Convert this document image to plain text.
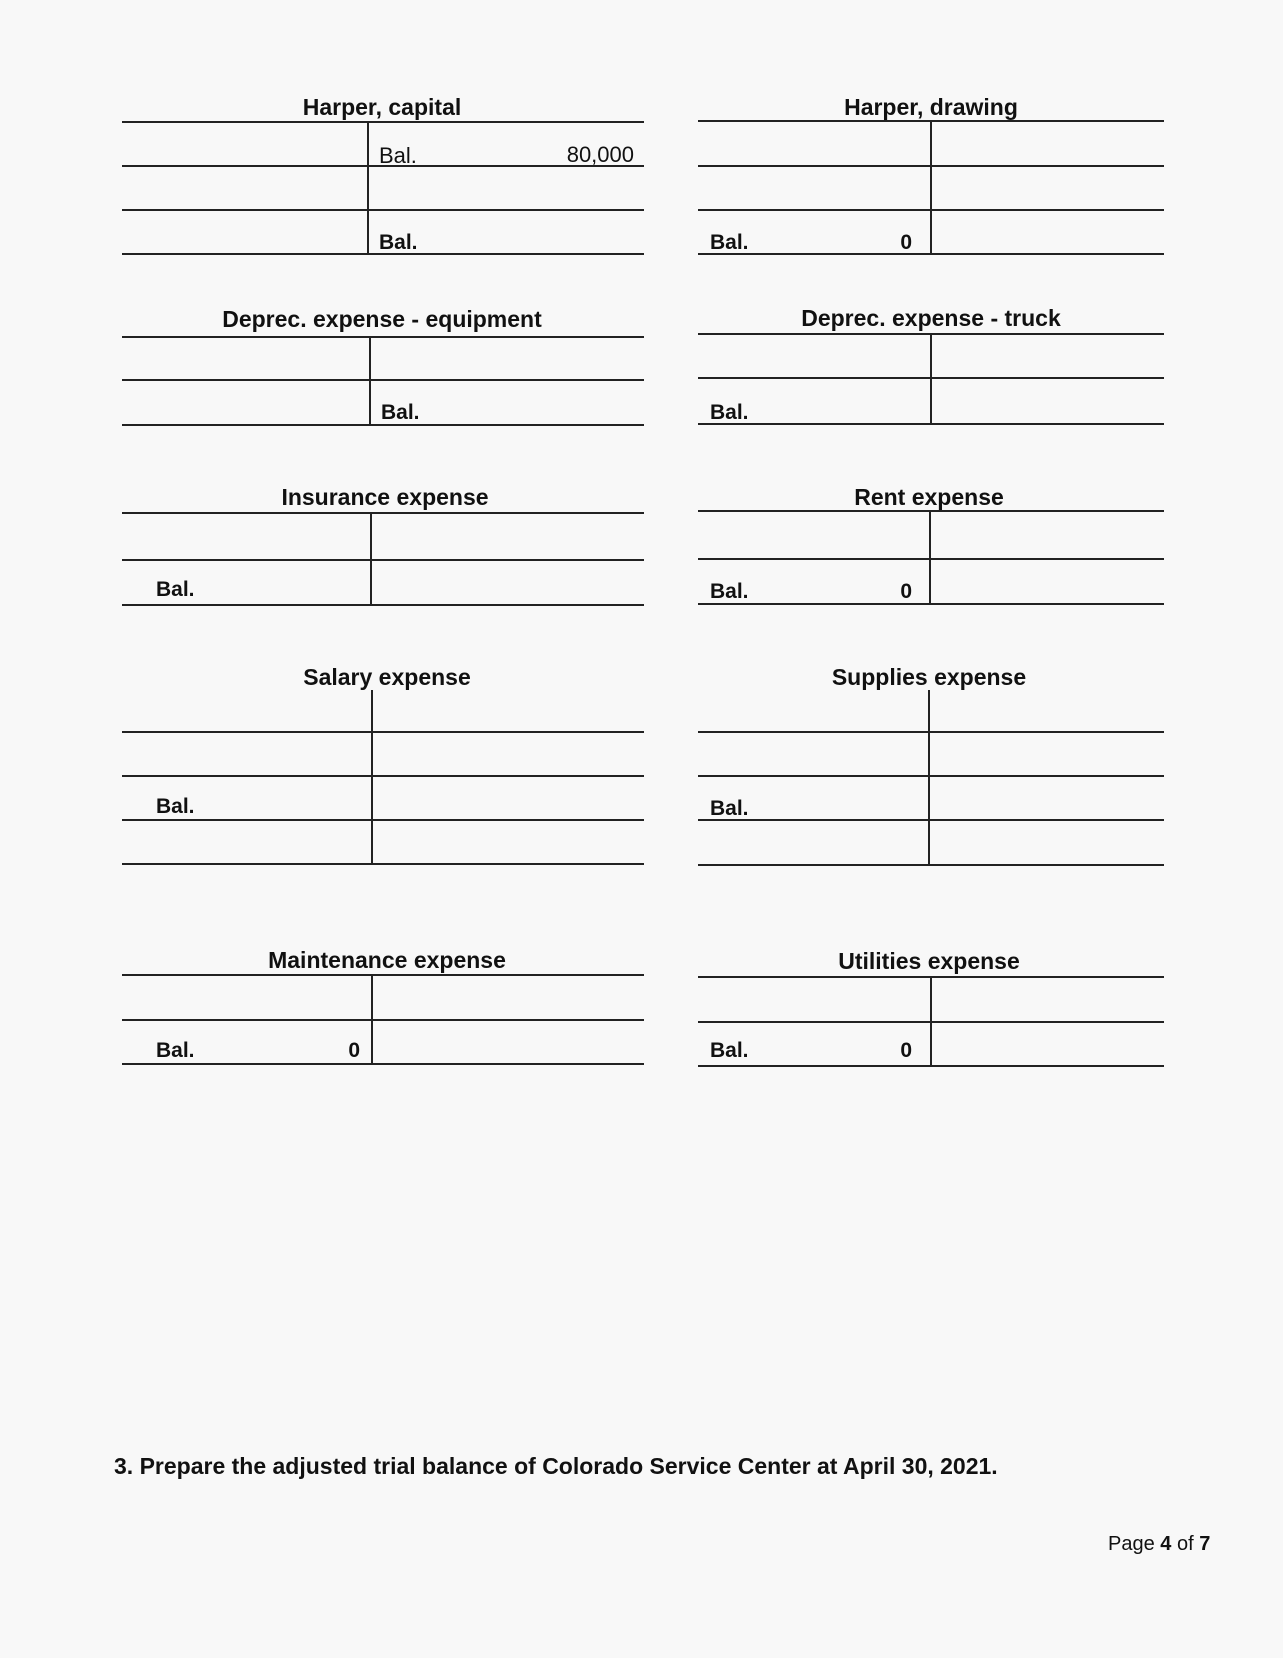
Harper, capital
Bal.	80,000
Bal.
Harper, drawing
Bal.	0
Deprec. expense - equipment
Bal.
Deprec. expense - truck
Bal.
Insurance expense
Bal.
Rent expense
Bal.	0
Salary expense
Bal.
Supplies expense
Bal.
Maintenance expense
Bal.	0
Utilities expense
Bal.	0
3. Prepare the adjusted trial balance of Colorado Service Center at April 30, 2021.
Page 4 of 7
